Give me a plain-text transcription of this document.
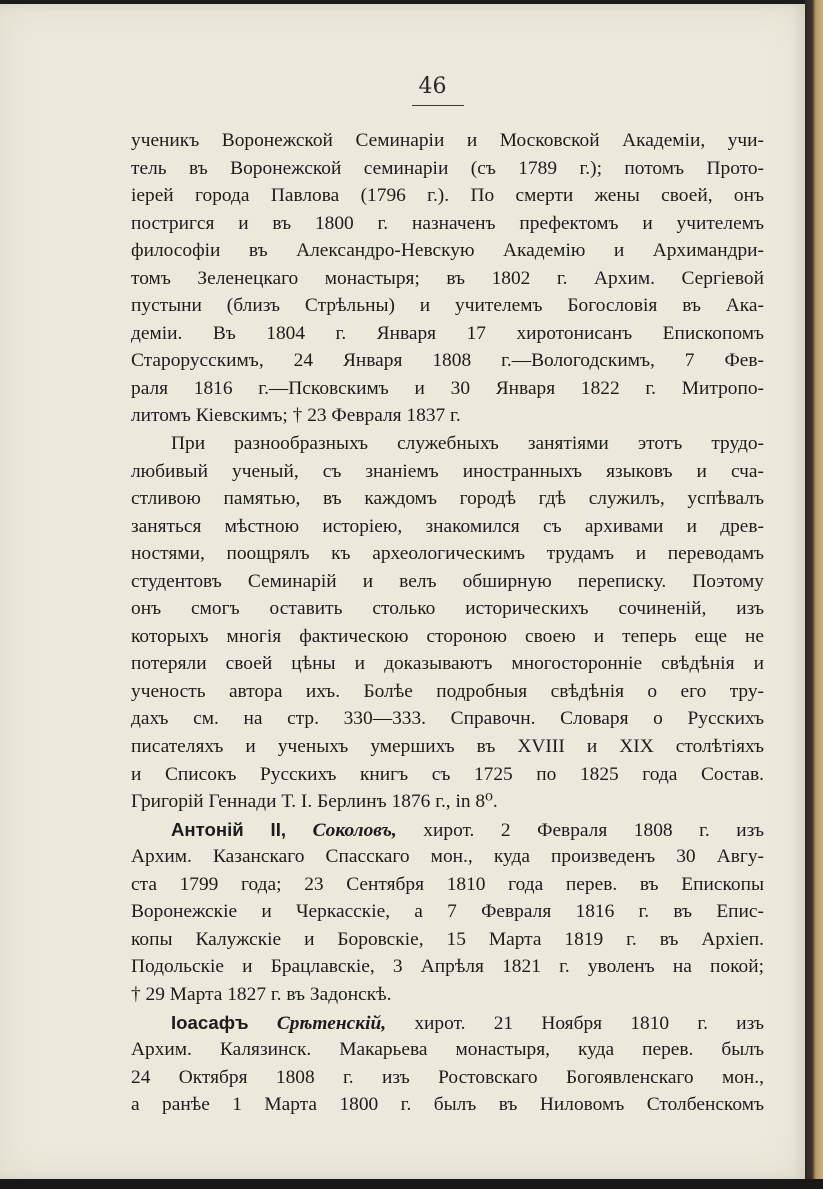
46
ученикъ Воронежской Семинаріи и Московской Академіи, учи-
тель въ Воронежской семинаріи (съ 1789 г.); потомъ Прото-
іерей города Павлова (1796 г.). По смерти жены своей, онъ
постригся и въ 1800 г. назначенъ префектомъ и учителемъ
философіи въ Александро-Невскую Академію и Архимандри-
томъ Зеленецкаго монастыря; въ 1802 г. Архим. Сергіевой
пустыни (близъ Стрѣльны) и учителемъ Богословія въ Ака-
деміи. Въ 1804 г. Января 17 хиротонисанъ Епископомъ
Старорусскимъ, 24 Января 1808 г.—Вологодскимъ, 7 Фев-
раля 1816 г.—Псковскимъ и 30 Января 1822 г. Митропо-
литомъ Кіевскимъ; † 23 Февраля 1837 г.
При разнообразныхъ служебныхъ занятіями этотъ трудо-
любивый ученый, съ знаніемъ иностранныхъ языковъ и сча-
стливою памятью, въ каждомъ городѣ гдѣ служилъ, успѣвалъ
заняться мѣстною исторіею, знакомился съ архивами и древ-
ностями, поощрялъ къ археологическимъ трудамъ и переводамъ
студентовъ Семинарій и велъ обширную переписку. Поэтому
онъ смогъ оставить столько историческихъ сочиненій, изъ
которыхъ многія фактическою стороною своею и теперь еще не
потеряли своей цѣны и доказываютъ многосторонніе свѣдѣнія и
ученость автора ихъ. Болѣе подробныя свѣдѣнія о его тру-
дахъ см. на стр. 330—333. Справочн. Словаря о Русскихъ
писателяхъ и ученыхъ умершихъ въ XVIII и XIX столѣтіяхъ
и Списокъ Русскихъ книгъ съ 1725 по 1825 года Состав.
Григорій Геннади Т. I. Берлинъ 1876 г., in 8⁰.
Антоній II, Соколовъ, хирот. 2 Февраля 1808 г. изъ
Архим. Казанскаго Спасскаго мон., куда произведенъ 30 Авгу-
ста 1799 года; 23 Сентября 1810 года перев. въ Епископы
Воронежскіе и Черкасскіе, а 7 Февраля 1816 г. въ Епис-
копы Калужскіе и Боровскіе, 15 Марта 1819 г. въ Архіеп.
Подольскіе и Брацлавскіе, 3 Апрѣля 1821 г. уволенъ на покой;
† 29 Марта 1827 г. въ Задонскѣ.
Іоасафъ Срѣтенскій, хирот. 21 Ноября 1810 г. изъ
Архим. Калязинск. Макарьева монастыря, куда перев. былъ
24 Октября 1808 г. изъ Ростовскаго Богоявленскаго мон.,
а ранѣе 1 Марта 1800 г. былъ въ Ниловомъ Столбенскомъ
